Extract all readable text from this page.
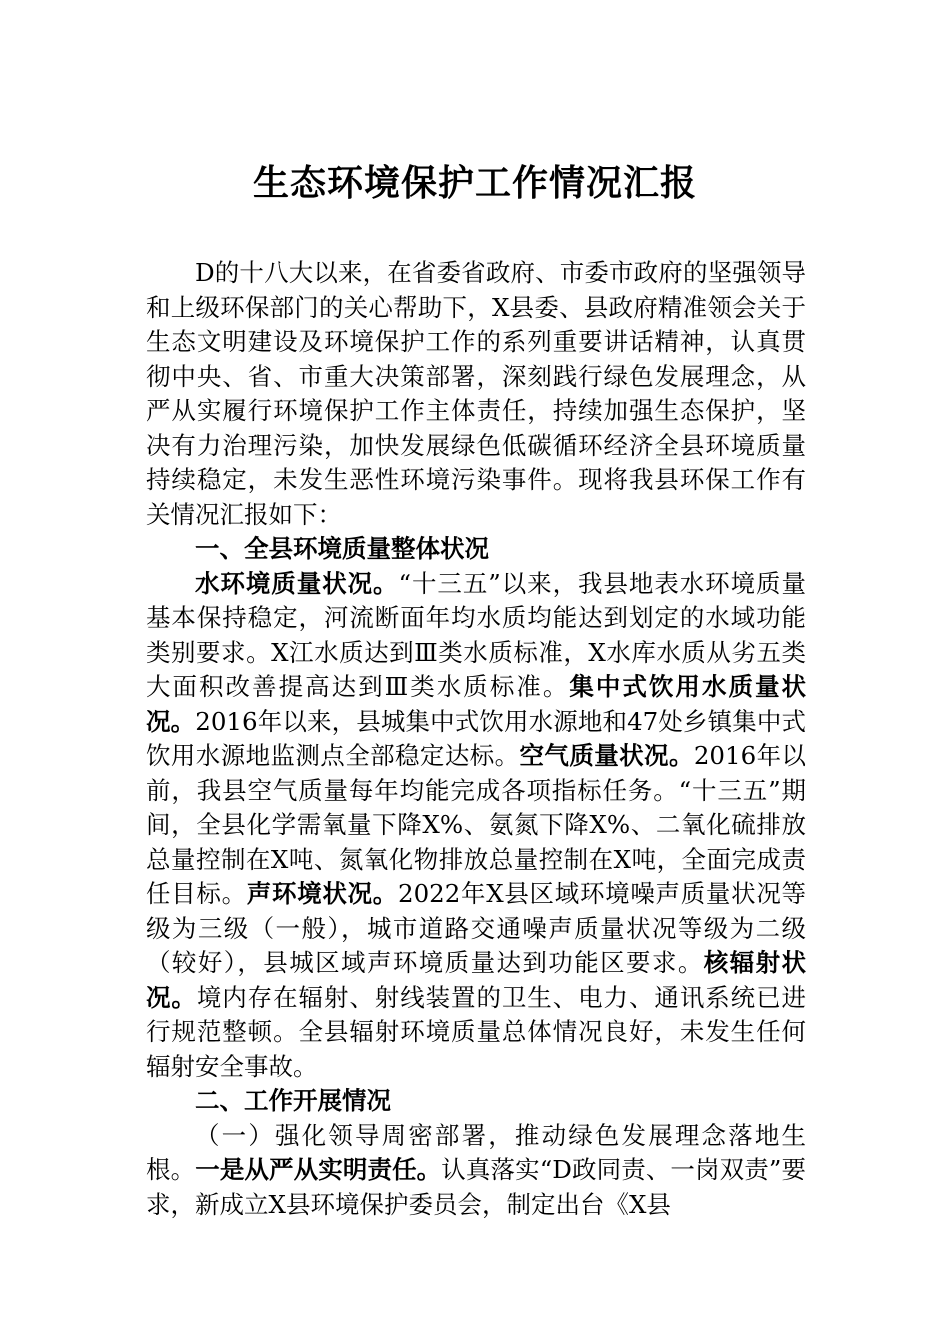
生态环境保护工作情况汇报

D的十八大以来，在省委省政府、市委市政府的坚强领导和上级环保部门的关心帮助下，X县委、县政府精准领会关于生态文明建设及环境保护工作的系列重要讲话精神，认真贯彻中央、省、市重大决策部署，深刻践行绿色发展理念，从严从实履行环境保护工作主体责任，持续加强生态保护，坚决有力治理污染，加快发展绿色低碳循环经济全县环境质量持续稳定，未发生恶性环境污染事件。现将我县环保工作有关情况汇报如下：

一、全县环境质量整体状况

水环境质量状况。“十三五”以来，我县地表水环境质量基本保持稳定，河流断面年均水质均能达到划定的水域功能类别要求。X江水质达到Ⅲ类水质标准，X水库水质从劣五类大面积改善提高达到Ⅲ类水质标准。集中式饮用水质量状况。2016年以来，县城集中式饮用水源地和47处乡镇集中式饮用水源地监测点全部稳定达标。空气质量状况。2016年以前，我县空气质量每年均能完成各项指标任务。“十三五”期间，全县化学需氧量下降X%、氨氮下降X%、二氧化硫排放总量控制在X吨、氮氧化物排放总量控制在X吨，全面完成责任目标。声环境状况。2022年X县区域环境噪声质量状况等级为三级（一般），城市道路交通噪声质量状况等级为二级（较好），县城区域声环境质量达到功能区要求。核辐射状况。境内存在辐射、射线装置的卫生、电力、通讯系统已进行规范整顿。全县辐射环境质量总体情况良好，未发生任何辐射安全事故。

二、工作开展情况

（一）强化领导周密部署，推动绿色发展理念落地生根。一是从严从实明责任。认真落实“D政同责、一岗双责”要求，新成立X县环境保护委员会，制定出台《X县
